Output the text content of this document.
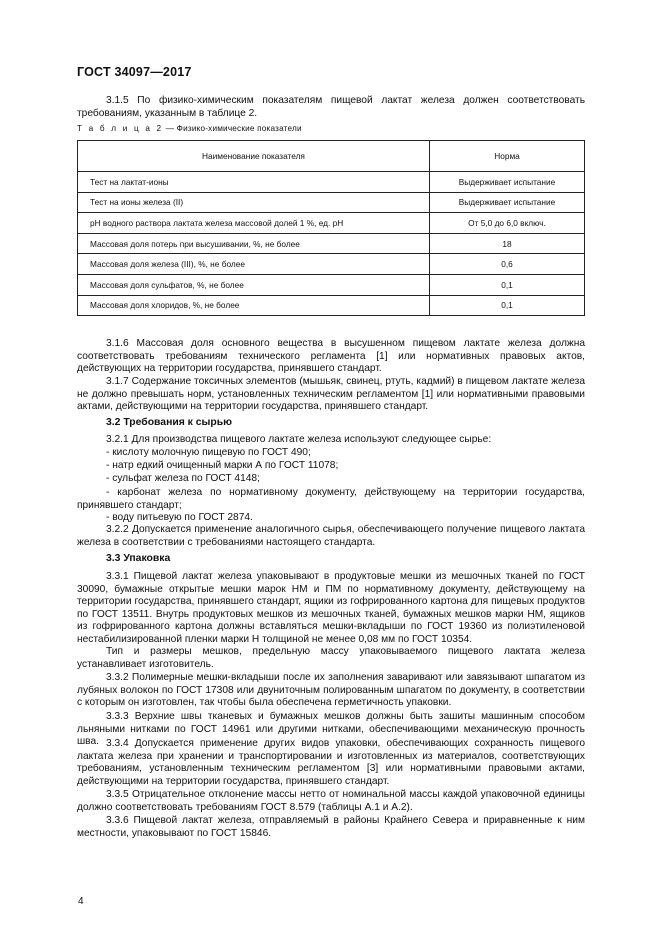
ГОСТ 34097—2017
3.1.5 По физико-химическим показателям пищевой лактат железа должен соответствовать требованиям, указанным в таблице 2.
Т а б л и ц а 2 — Физико-химические показатели
Наименование показателя	Норма
Тест на лактат-ионы	Выдерживает испытание
Тест на ионы железа (II)	Выдерживает испытание
рН водного раствора лактата железа массовой долей 1 %, ед. рН	От 5,0 до 6,0 включ.
Массовая доля потерь при высушивании, %, не более	18
Массовая доля железа (III), %, не более	0,6
Массовая доля сульфатов, %, не более	0,1
Массовая доля хлоридов, %, не более	0,1
3.1.6 Массовая доля основного вещества в высушенном пищевом лактате железа должна соответствовать требованиям технического регламента [1] или нормативных правовых актов, действующих на территории государства, принявшего стандарт.
3.1.7 Содержание токсичных элементов (мышьяк, свинец, ртуть, кадмий) в пищевом лактате железа не должно превышать норм, установленных техническим регламентом [1] или нормативными правовыми актами, действующими на территории государства, принявшего стандарт.
3.2 Требования к сырью
3.2.1 Для производства пищевого лактате железа используют следующее сырье:
- кислоту молочную пищевую по ГОСТ 490;
- натр едкий очищенный марки А по ГОСТ 11078;
- сульфат железа по ГОСТ 4148;
- карбонат железа по нормативному документу, действующему на территории государства, принявшего стандарт;
- воду питьевую по ГОСТ 2874.
3.2.2 Допускается применение аналогичного сырья, обеспечивающего получение пищевого лактата железа в соответствии с требованиями настоящего стандарта.
3.3 Упаковка
3.3.1 Пищевой лактат железа упаковывают в продуктовые мешки из мешочных тканей по ГОСТ 30090, бумажные открытые мешки марок НМ и ПМ по нормативному документу, действующему на территории государства, принявшего стандарт, ящики из гофрированного картона для пищевых продуктов по ГОСТ 13511. Внутрь продуктовых мешков из мешочных тканей, бумажных мешков марки НМ, ящиков из гофрированного картона должны вставляться мешки-вкладыши по ГОСТ 19360 из полиэтиленовой нестабилизированной пленки марки Н толщиной не менее 0,08 мм по ГОСТ 10354.
Тип и размеры мешков, предельную массу упаковываемого пищевого лактата железа устанавливает изготовитель.
3.3.2 Полимерные мешки-вкладыши после их заполнения заваривают или завязывают шпагатом из лубяных волокон по ГОСТ 17308 или двуниточным полированным шпагатом по документу, в соответствии с которым он изготовлен, так чтобы была обеспечена герметичность упаковки.
3.3.3 Верхние швы тканевых и бумажных мешков должны быть зашиты машинным способом льняными нитками по ГОСТ 14961 или другими нитками, обеспечивающими механическую прочность шва. 3.3.4 Допускается применение других видов упаковки, обеспечивающих сохранность пищевого лактата железа при хранении и транспортировании и изготовленных из материалов, соответствующих требованиям, установленным техническим регламентом [3] или нормативными правовыми актами, действующими на территории государства, принявшего стандарт.
3.3.5 Отрицательное отклонение массы нетто от номинальной массы каждой упаковочной единицы должно соответствовать требованиям ГОСТ 8.579 (таблицы А.1 и А.2).
3.3.6 Пищевой лактат железа, отправляемый в районы Крайнего Севера и приравненные к ним местности, упаковывают по ГОСТ 15846.
4
